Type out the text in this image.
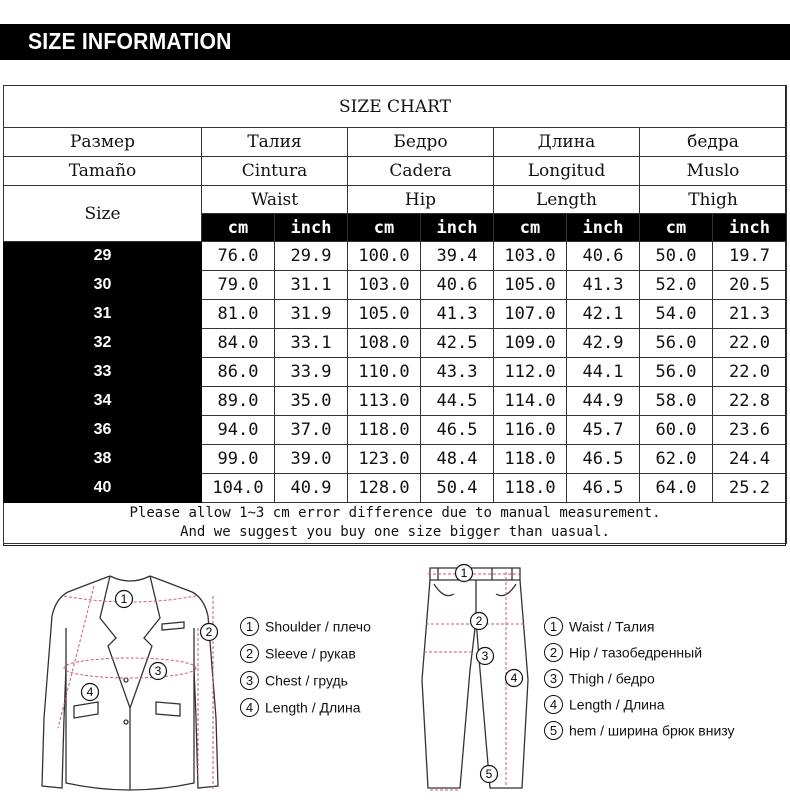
SIZE INFORMATION
SIZE CHART								
Размер	Талия		Бедро		Длина		бедра	
Tamaño	Cintura		Cadera		Longitud		Muslo	
Size	Waist		Hip		Length		Thigh	
	cm	inch	cm	inch	cm	inch	cm	inch
29	76.0	29.9	100.0	39.4	103.0	40.6	50.0	19.7
30	79.0	31.1	103.0	40.6	105.0	41.3	52.0	20.5
31	81.0	31.9	105.0	41.3	107.0	42.1	54.0	21.3
32	84.0	33.1	108.0	42.5	109.0	42.9	56.0	22.0
33	86.0	33.9	110.0	43.3	112.0	44.1	56.0	22.0
34	89.0	35.0	113.0	44.5	114.0	44.9	58.0	22.8
36	94.0	37.0	118.0	46.5	116.0	45.7	60.0	23.6
38	99.0	39.0	123.0	48.4	118.0	46.5	62.0	24.4
40	104.0	40.9	128.0	50.4	118.0	46.5	64.0	25.2

Please allow 1~3 cm error difference due to manual measurement.
And we suggest you buy one size bigger than uasual.								
1
2
3
4
1 Shoulder / плечо
2 Sleeve / рукав
3 Chest / грудь
4 Length / Длина
1
2
3
4
5
1 Waist / Талия
2 Hip / тазобедренный
3 Thigh / бедро
4 Length / Длина
5 hem / ширина брюк внизу
